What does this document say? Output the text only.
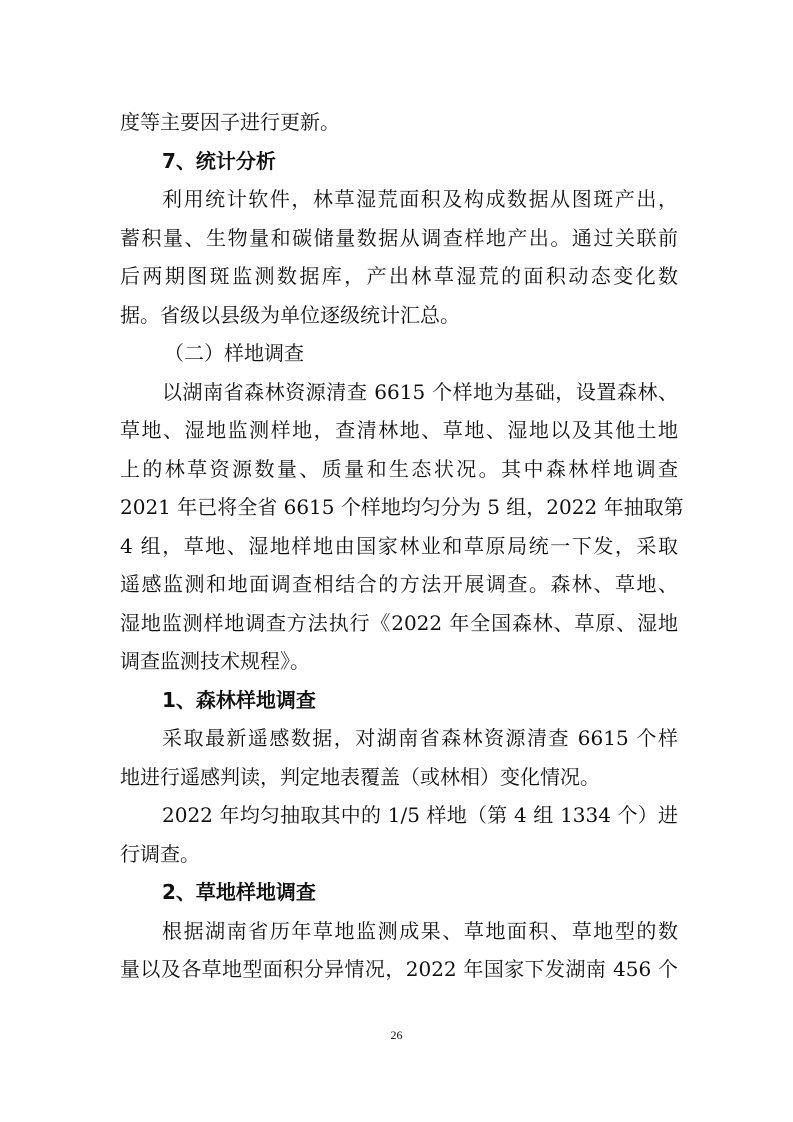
度等主要因子进行更新。
7、统计分析
利用统计软件，林草湿荒面积及构成数据从图斑产出，
蓄积量、生物量和碳储量数据从调查样地产出。通过关联前
后两期图斑监测数据库，产出林草湿荒的面积动态变化数
据。省级以县级为单位逐级统计汇总。
（二）样地调查
以湖南省森林资源清查 6615 个样地为基础，设置森林、
草地、湿地监测样地，查清林地、草地、湿地以及其他土地
上的林草资源数量、质量和生态状况。其中森林样地调查
2021 年已将全省 6615 个样地均匀分为 5 组，2022 年抽取第
4 组，草地、湿地样地由国家林业和草原局统一下发，采取
遥感监测和地面调查相结合的方法开展调查。森林、草地、
湿地监测样地调查方法执行《2022 年全国森林、草原、湿地
调查监测技术规程》。
1、森林样地调查
采取最新遥感数据，对湖南省森林资源清查 6615 个样
地进行遥感判读，判定地表覆盖（或林相）变化情况。
2022 年均匀抽取其中的 1/5 样地（第 4 组 1334 个）进
行调查。
2、草地样地调查
根据湖南省历年草地监测成果、草地面积、草地型的数
量以及各草地型面积分异情况，2022 年国家下发湖南 456 个
26
